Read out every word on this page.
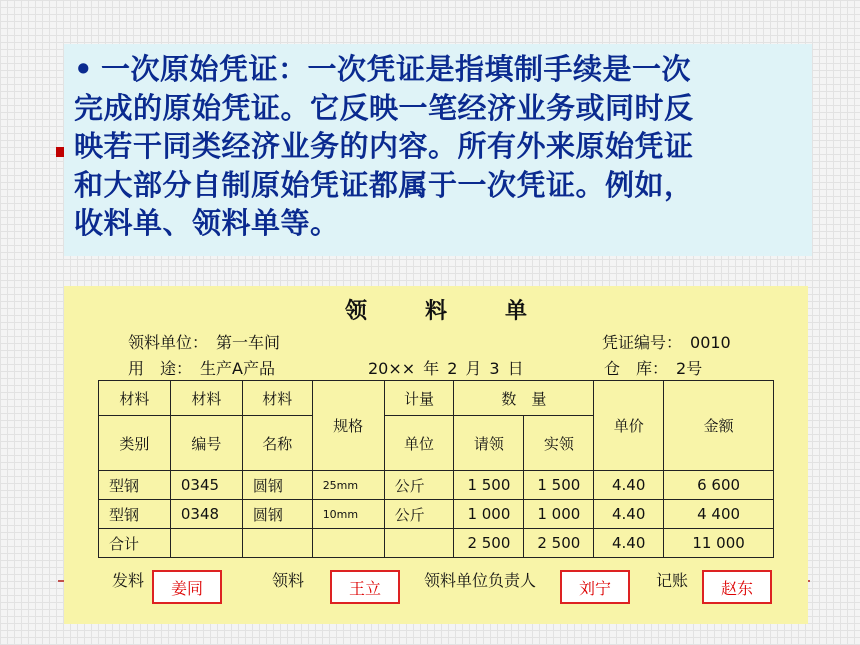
• 一次原始凭证：一次凭证是指填制手续是一次

完成的原始凭证。它反映一笔经济业务或同时反

映若干同类经济业务的内容。所有外来原始凭证

和大部分自制原始凭证都属于一次凭证。例如，

收料单、领料单等。

领料单
领料单位： 第一车间	凭证编号： 0010
用　途： 生产A产品	20×× 年 2 月 3 日	仓　库： 2号
材料	材料	材料	规格	计量	数　量		单价	金额
类别	编号	名称		单位	请领	实领		
型钢	0345	圆钢	25mm	公斤	1 500	1 500	4.40	6 600
型钢	0348	圆钢	10mm	公斤	1 000	1 000	4.40	4 400
合计					2 500	2 500	4.40	11 000
发料	姜同	领料	王立	领料单位负责人	刘宁	记账	赵东
